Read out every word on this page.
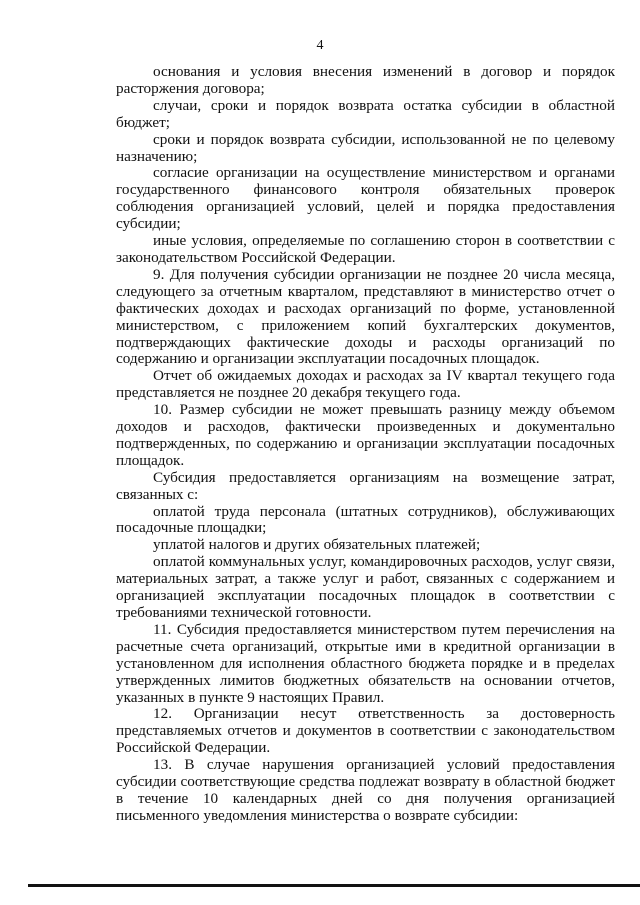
4

основания и условия внесения изменений в договор и порядок расторжения договора;

случаи, сроки и порядок возврата остатка субсидии в областной бюджет;

сроки и порядок возврата субсидии, использованной не по целевому назначению;

согласие организации на осуществление министерством и органами государственного финансового контроля обязательных проверок соблюдения организацией условий, целей и порядка предоставления субсидии;

иные условия, определяемые по соглашению сторон в соответствии с законодательством Российской Федерации.

9. Для получения субсидии организации не позднее 20 числа месяца, следующего за отчетным кварталом, представляют в министерство отчет о фактических доходах и расходах организаций по форме, установленной министерством, с приложением копий бухгалтерских документов, подтверждающих фактические доходы и расходы организаций по содержанию и организации эксплуатации посадочных площадок.

Отчет об ожидаемых доходах и расходах за IV квартал текущего года представляется не позднее 20 декабря текущего года.

10. Размер субсидии не может превышать разницу между объемом доходов и расходов, фактически произведенных и документально подтвержденных, по содержанию и организации эксплуатации посадочных площадок.

Субсидия предоставляется организациям на возмещение затрат, связанных с:

оплатой труда персонала (штатных сотрудников), обслуживающих посадочные площадки;

уплатой налогов и других обязательных платежей;

оплатой коммунальных услуг, командировочных расходов, услуг связи, материальных затрат, а также услуг и работ, связанных с содержанием и организацией эксплуатации посадочных площадок в соответствии с требованиями технической готовности.

11. Субсидия предоставляется министерством путем перечисления на расчетные счета организаций, открытые ими в кредитной организации в установленном для исполнения областного бюджета порядке и в пределах утвержденных лимитов бюджетных обязательств на основании отчетов, указанных в пункте 9 настоящих Правил.

12. Организации несут ответственность за достоверность представляемых отчетов и документов в соответствии с законодательством Российской Федерации.

13. В случае нарушения организацией условий предоставления субсидии соответствующие средства подлежат возврату в областной бюджет в течение 10 календарных дней со дня получения организацией письменного уведомления министерства о возврате субсидии:
